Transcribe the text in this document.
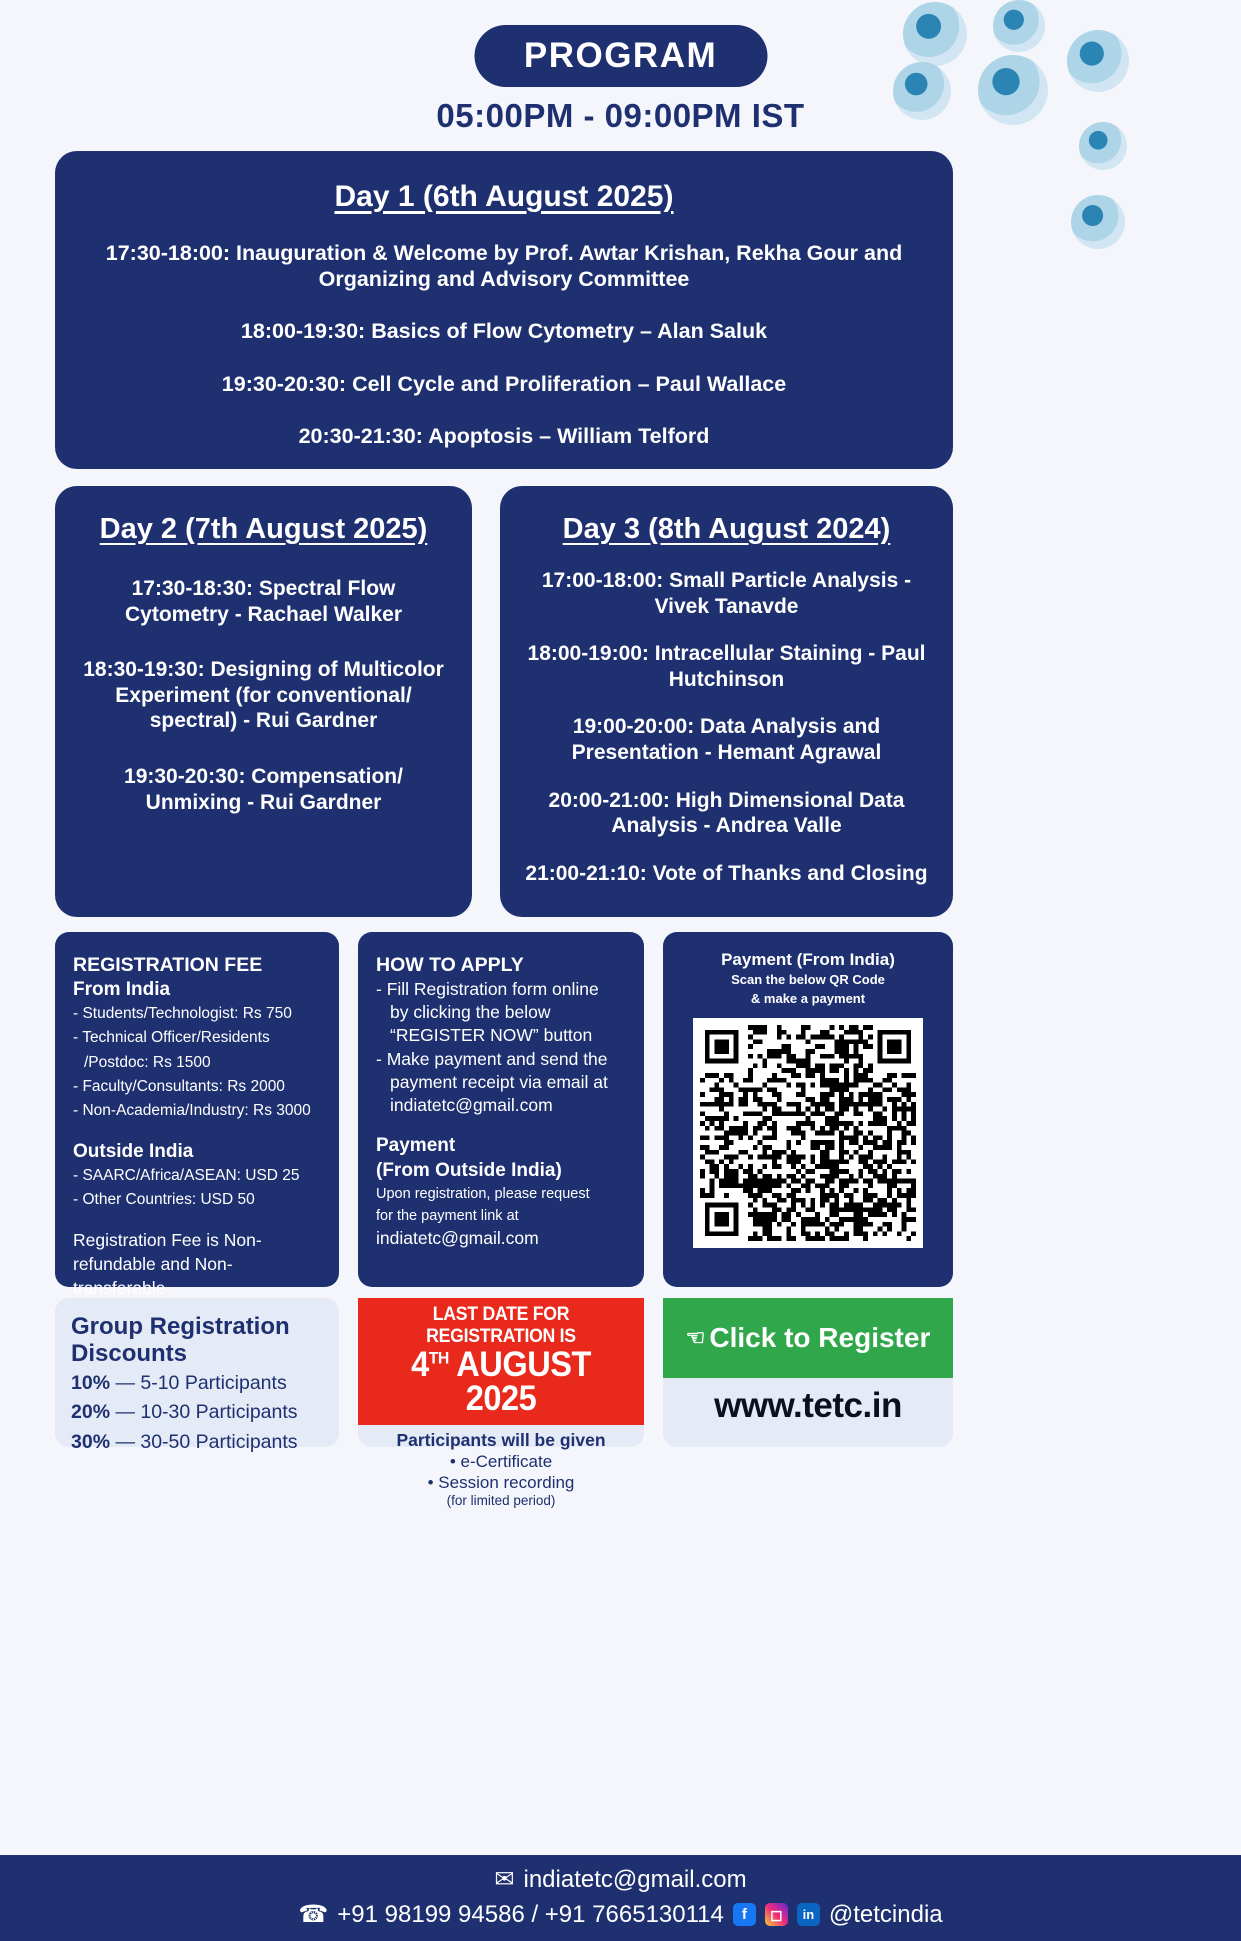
PROGRAM
05:00PM - 09:00PM IST
Day 1 (6th August 2025)
17:30-18:00: Inauguration & Welcome by Prof. Awtar Krishan, Rekha Gour and Organizing and Advisory Committee
18:00-19:30: Basics of Flow Cytometry – Alan Saluk
19:30-20:30: Cell Cycle and Proliferation – Paul Wallace
20:30-21:30: Apoptosis – William Telford
Day 2 (7th August 2025)
17:30-18:30: Spectral Flow Cytometry - Rachael Walker
18:30-19:30: Designing of Multicolor Experiment (for conventional/ spectral) - Rui Gardner
19:30-20:30: Compensation/ Unmixing - Rui Gardner
Day 3 (8th August 2024)
17:00-18:00: Small Particle Analysis - Vivek Tanavde
18:00-19:00: Intracellular Staining - Paul Hutchinson
19:00-20:00: Data Analysis and Presentation - Hemant Agrawal
20:00-21:00: High Dimensional Data Analysis - Andrea Valle
21:00-21:10: Vote of Thanks and Closing
REGISTRATION FEE
From India
- Students/Technologist: Rs 750
- Technical Officer/Residents
/Postdoc: Rs 1500
- Faculty/Consultants: Rs 2000
- Non-Academia/Industry: Rs 3000
Outside India
- SAARC/Africa/ASEAN: USD 25
- Other Countries: USD 50
Registration Fee is Non-refundable and Non-transferable
HOW TO APPLY
- Fill Registration form online
by clicking the below
“REGISTER NOW” button
- Make payment and send the
payment receipt via email at
indiatetc@gmail.com
Payment
(From Outside India)
Upon registration, please request
for the payment link at
indiatetc@gmail.com
Payment (From India)
Scan the below QR Code
& make a payment
Group Registration
Discounts
10% — 5-10 Participants
20% — 10-30 Participants
30% — 30-50 Participants
LAST DATE FOR REGISTRATION IS
4TH AUGUST 2025
Participants will be given
• e-Certificate
• Session recording
(for limited period)
☜ Click to Register
www.tetc.in
✉ indiatetc@gmail.com
☎ +91 98199 94586 / +91 7665130114	f	◻	in @tetcindia
